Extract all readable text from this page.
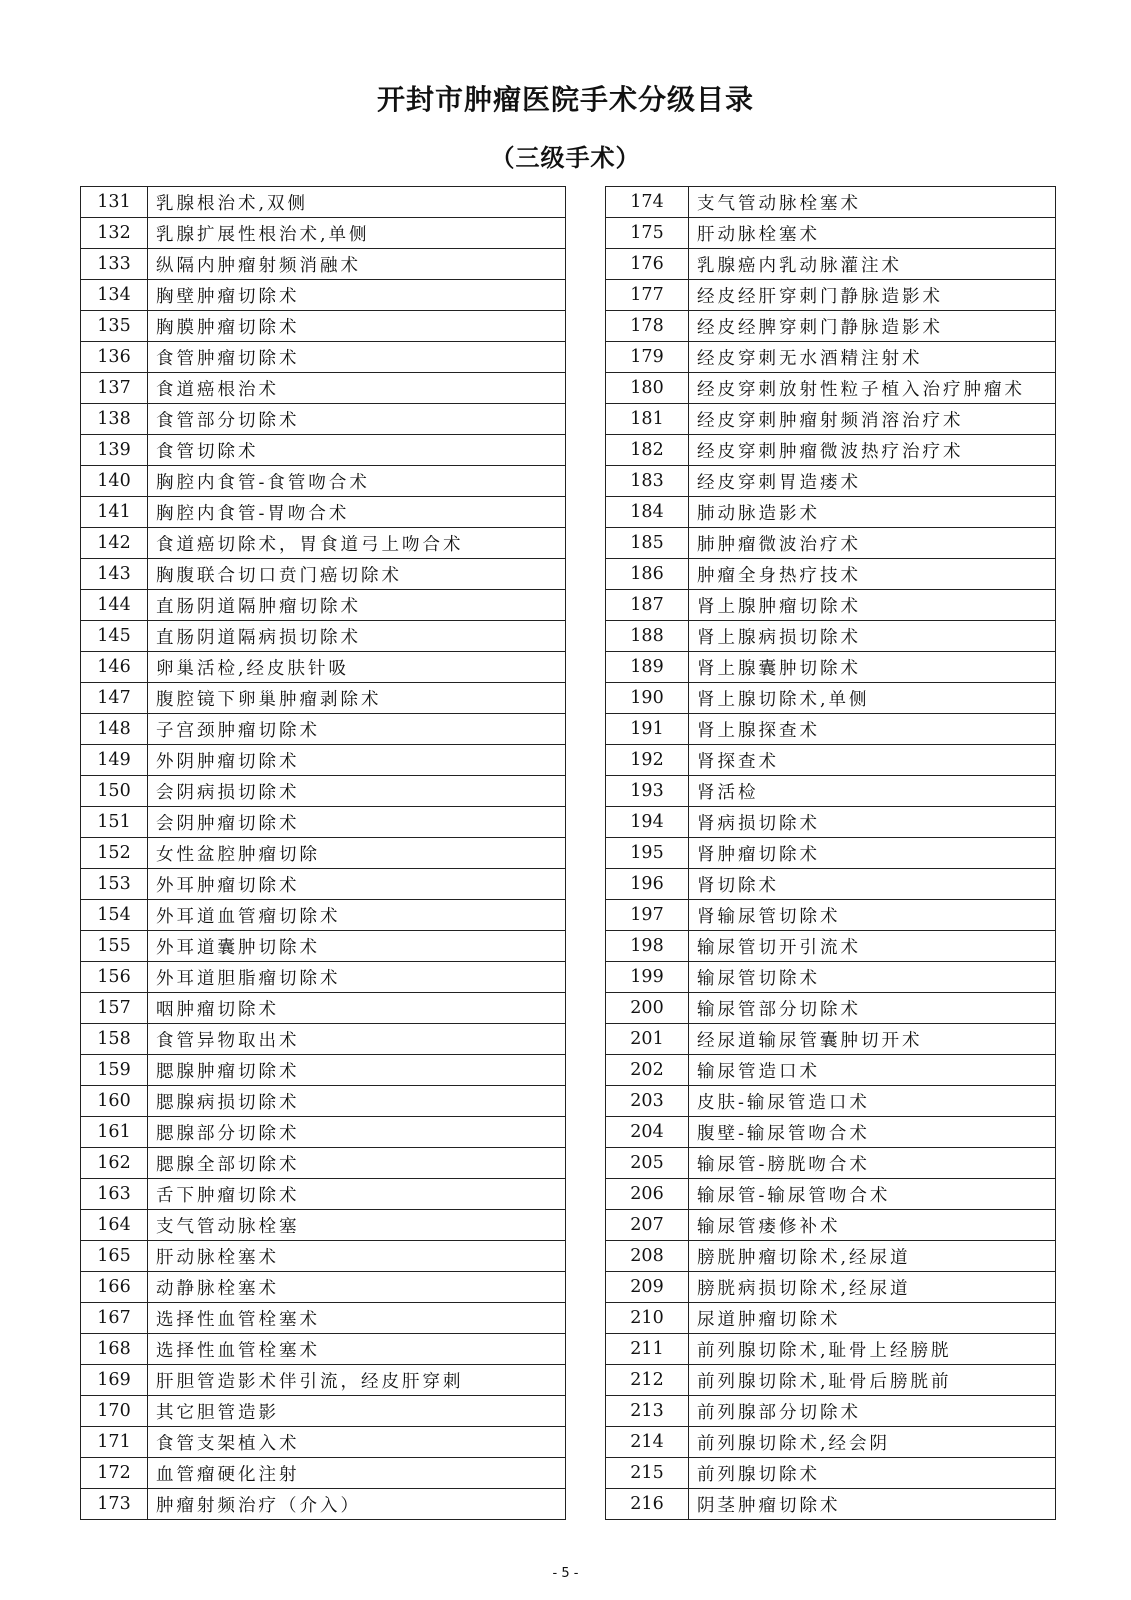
开封市肿瘤医院手术分级目录
（三级手术）
131	乳腺根治术,双侧
132	乳腺扩展性根治术,单侧
133	纵隔内肿瘤射频消融术
134	胸壁肿瘤切除术
135	胸膜肿瘤切除术
136	食管肿瘤切除术
137	食道癌根治术
138	食管部分切除术
139	食管切除术
140	胸腔内食管-食管吻合术
141	胸腔内食管-胃吻合术
142	食道癌切除术，胃食道弓上吻合术
143	胸腹联合切口贲门癌切除术
144	直肠阴道隔肿瘤切除术
145	直肠阴道隔病损切除术
146	卵巢活检,经皮肤针吸
147	腹腔镜下卵巢肿瘤剥除术
148	子宫颈肿瘤切除术
149	外阴肿瘤切除术
150	会阴病损切除术
151	会阴肿瘤切除术
152	女性盆腔肿瘤切除
153	外耳肿瘤切除术
154	外耳道血管瘤切除术
155	外耳道囊肿切除术
156	外耳道胆脂瘤切除术
157	咽肿瘤切除术
158	食管异物取出术
159	腮腺肿瘤切除术
160	腮腺病损切除术
161	腮腺部分切除术
162	腮腺全部切除术
163	舌下肿瘤切除术
164	支气管动脉栓塞
165	肝动脉栓塞术
166	动静脉栓塞术
167	选择性血管栓塞术
168	选择性血管栓塞术
169	肝胆管造影术伴引流，经皮肝穿刺
170	其它胆管造影
171	食管支架植入术
172	血管瘤硬化注射
173	肿瘤射频治疗（介入）
174	支气管动脉栓塞术
175	肝动脉栓塞术
176	乳腺癌内乳动脉灌注术
177	经皮经肝穿刺门静脉造影术
178	经皮经脾穿刺门静脉造影术
179	经皮穿刺无水酒精注射术
180	经皮穿刺放射性粒子植入治疗肿瘤术
181	经皮穿刺肿瘤射频消溶治疗术
182	经皮穿刺肿瘤微波热疗治疗术
183	经皮穿刺胃造瘘术
184	肺动脉造影术
185	肺肿瘤微波治疗术
186	肿瘤全身热疗技术
187	肾上腺肿瘤切除术
188	肾上腺病损切除术
189	肾上腺囊肿切除术
190	肾上腺切除术,单侧
191	肾上腺探查术
192	肾探查术
193	肾活检
194	肾病损切除术
195	肾肿瘤切除术
196	肾切除术
197	肾输尿管切除术
198	输尿管切开引流术
199	输尿管切除术
200	输尿管部分切除术
201	经尿道输尿管囊肿切开术
202	输尿管造口术
203	皮肤-输尿管造口术
204	腹壁-输尿管吻合术
205	输尿管-膀胱吻合术
206	输尿管-输尿管吻合术
207	输尿管瘘修补术
208	膀胱肿瘤切除术,经尿道
209	膀胱病损切除术,经尿道
210	尿道肿瘤切除术
211	前列腺切除术,耻骨上经膀胱
212	前列腺切除术,耻骨后膀胱前
213	前列腺部分切除术
214	前列腺切除术,经会阴
215	前列腺切除术
216	阴茎肿瘤切除术
- 5 -
